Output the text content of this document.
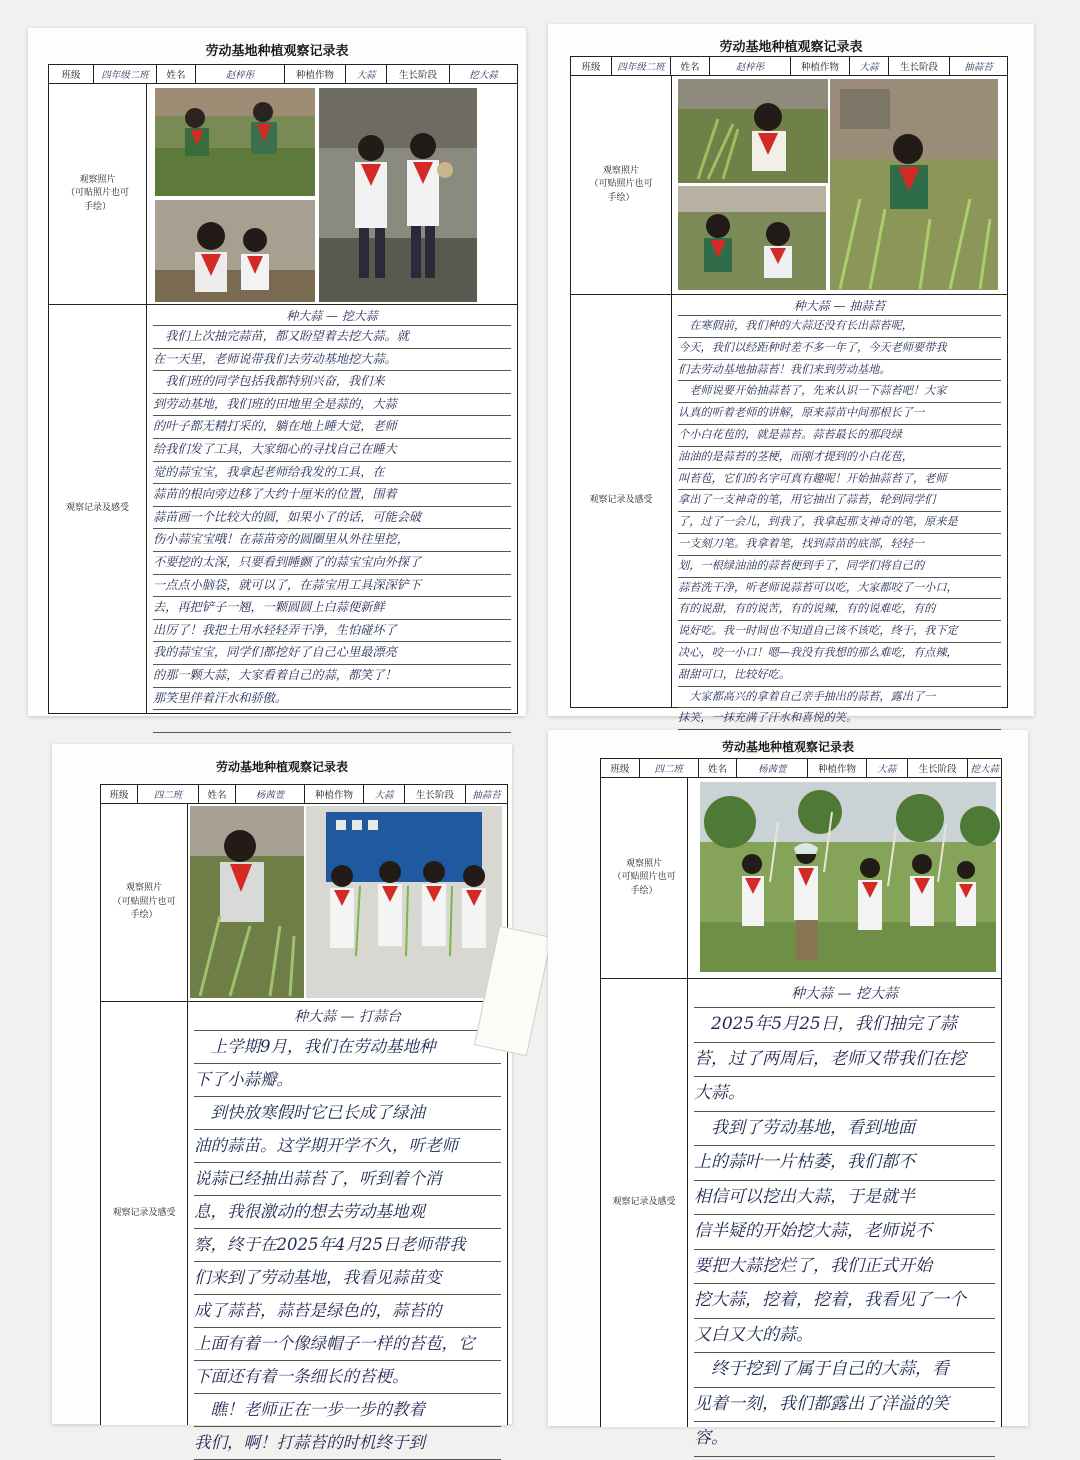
劳动基地种植观察记录表
班级	四年级二班	姓名	赵梓彤	种植作物	大蒜	生长阶段	挖大蒜
观察照片
（可贴照片也可
手绘）
观察记录及感受
种大蒜 — 挖大蒜
　我们上次抽完蒜苗，都又盼望着去挖大蒜。就
在一天里，老师说带我们去劳动基地挖大蒜。
　我们班的同学包括我都特别兴奋，我们来
到劳动基地，我们班的田地里全是蒜的，大蒜
的叶子都无精打采的，躺在地上睡大觉，老师
给我们发了工具，大家细心的寻找自己在睡大
觉的蒜宝宝，我拿起老师给我发的工具，在
蒜苗的根向旁边移了大约十厘米的位置，围着
蒜苗画一个比较大的圆，如果小了的话，可能会破
伤小蒜宝宝哦！在蒜苗旁的圆圈里从外往里挖，
不要挖的太深，只要看到睡颤了的蒜宝宝向外探了
一点点小脑袋，就可以了，在蒜宝用工具深深铲下
去，再把铲子一翘，一颗圆圆上白蒜便新鲜
出厉了！我把土用水轻轻弄干净，生怕碰坏了
我的蒜宝宝，同学们都挖好了自己心里最漂亮
的那一颗大蒜，大家看着自己的蒜，都笑了！
那笑里伴着汗水和骄傲。
劳动基地种植观察记录表
班级	四年级二班	姓名	赵梓彤	种植作物	大蒜	生长阶段	抽蒜苔
观察照片
（可贴照片也可
手绘）
观察记录及感受
种大蒜 — 抽蒜苔
　在寒假前，我们种的大蒜还没有长出蒜苔呢，
今天，我们以经距种时差不多一年了，今天老师要带我
们去劳动基地抽蒜苔！我们来到劳动基地。
　老师说要开始抽蒜苔了，先来认识一下蒜苔吧！大家
认真的听着老师的讲解，原来蒜苗中间那根长了一
个小白花苞的，就是蒜苔。蒜苔最长的那段绿
油油的是蒜苔的茎梗，而刚才提到的小白花苞，
叫苔苞，它们的名字可真有趣呢！开始抽蒜苔了，老师
拿出了一支神奇的笔，用它抽出了蒜苔，轮到同学们
了，过了一会儿，到我了，我拿起那支神奇的笔，原来是
一支刻刀笔。我拿着笔，找到蒜苗的底部，轻轻一
划，一根绿油油的蒜苔便到手了，同学们将自己的
蒜苔洗干净，听老师说蒜苔可以吃，大家都咬了一小口，
有的说甜，有的说苦，有的说辣，有的说难吃，有的
说好吃。我一时间也不知道自己该不该吃，终于，我下定
决心，咬一小口！嗯—我没有我想的那么难吃，有点辣，
甜甜可口，比较好吃。
　大家都高兴的拿着自己亲手抽出的蒜苔，露出了一
抹笑，一抹充满了汗水和喜悦的笑。
劳动基地种植观察记录表
班级	四二班	姓名	杨茜萱	种植作物	大蒜	生长阶段	抽蒜苔
观察照片
（可贴照片也可
手绘）
观察记录及感受
种大蒜 — 打蒜台
　上学期9月，我们在劳动基地种
下了小蒜瓣。
　到快放寒假时它已长成了绿油
油的蒜苗。这学期开学不久，听老师
说蒜已经抽出蒜苔了，听到着个消
息，我很激动的想去劳动基地观
察，终于在2025年4月25日老师带我
们来到了劳动基地，我看见蒜苗变
成了蒜苔，蒜苔是绿色的，蒜苔的
上面有着一个像绿帽子一样的苔苞，它
下面还有着一条细长的苔梗。
　瞧！老师正在一步一步的教着
我们，啊！打蒜苔的时机终于到
劳动基地种植观察记录表
班级	四二班	姓名	杨茜萱	种植作物	大蒜	生长阶段	挖大蒜
观察照片
（可贴照片也可
手绘）
观察记录及感受
种大蒜 — 挖大蒜
　2025年5月25日，我们抽完了蒜
苔，过了两周后，老师又带我们在挖
大蒜。
　我到了劳动基地，看到地面
上的蒜叶一片枯萎，我们都不
相信可以挖出大蒜，于是就半
信半疑的开始挖大蒜，老师说不
要把大蒜挖烂了，我们正式开始
挖大蒜，挖着，挖着，我看见了一个
又白又大的蒜。
　终于挖到了属于自己的大蒜，看
见着一刻，我们都露出了洋溢的笑
容。
